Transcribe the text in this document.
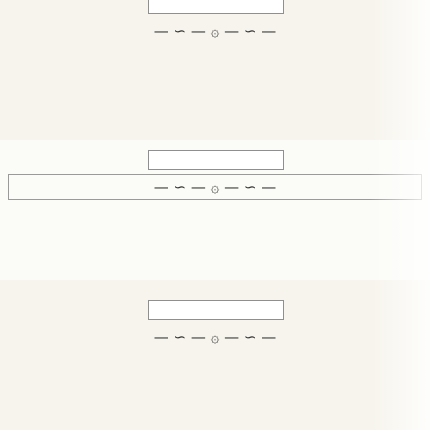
— ∽ — ۞ — ∽ —
— ∽ — ۞ — ∽ —
— ∽ — ۞ — ∽ —
